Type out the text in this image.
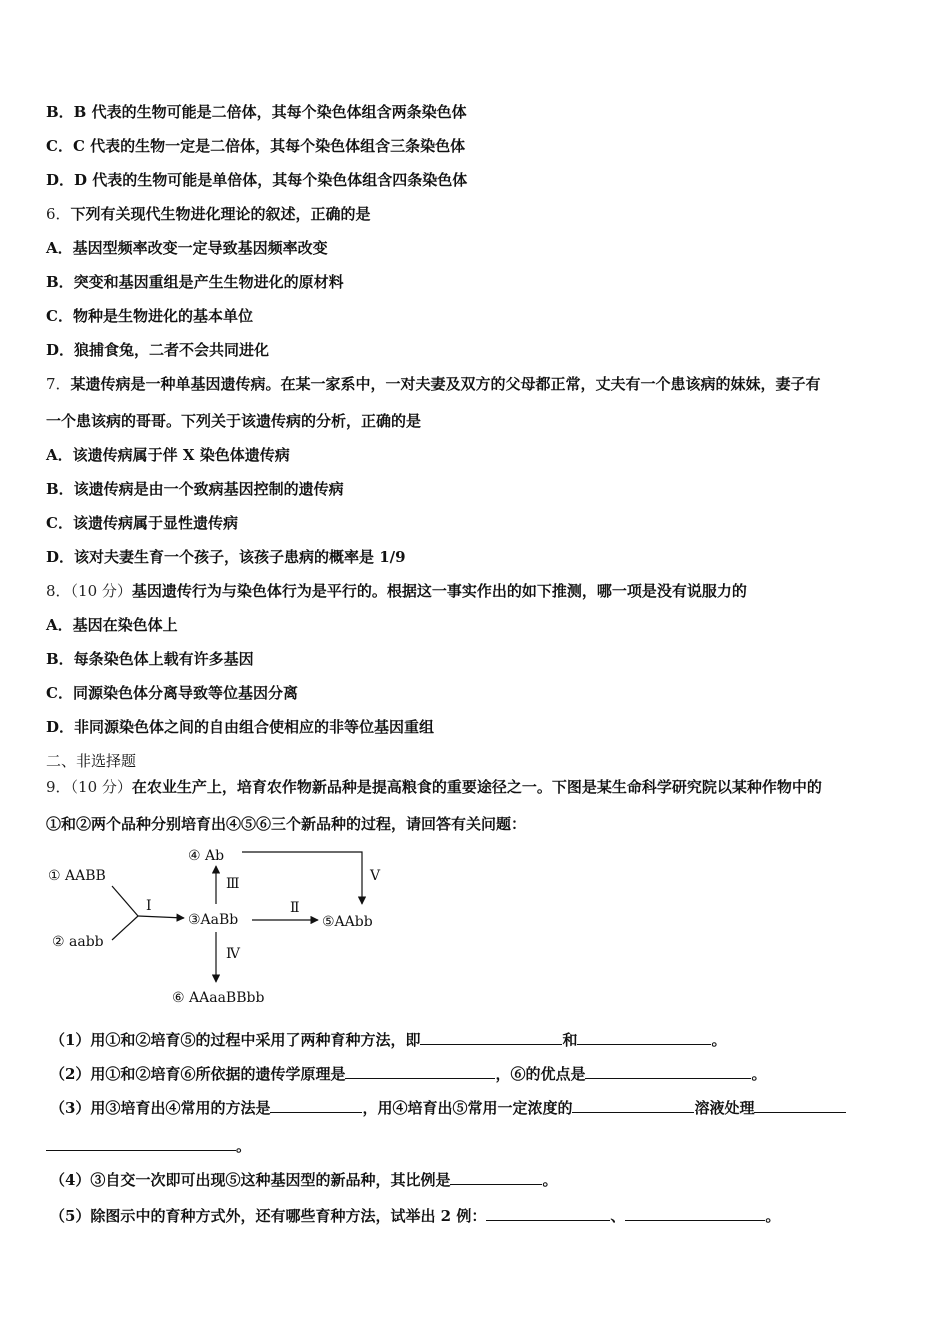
B．B 代表的生物可能是二倍体，其每个染色体组含两条染色体
C．C 代表的生物一定是二倍体，其每个染色体组含三条染色体
D．D 代表的生物可能是单倍体，其每个染色体组含四条染色体
6．下列有关现代生物进化理论的叙述，正确的是
A．基因型频率改变一定导致基因频率改变
B．突变和基因重组是产生生物进化的原材料
C．物种是生物进化的基本单位
D．狼捕食兔，二者不会共同进化
7．某遗传病是一种单基因遗传病。在某一家系中，一对夫妻及双方的父母都正常，丈夫有一个患该病的妹妹，妻子有
一个患该病的哥哥。下列关于该遗传病的分析，正确的是
A．该遗传病属于伴 X 染色体遗传病
B．该遗传病是由一个致病基因控制的遗传病
C．该遗传病属于显性遗传病
D．该对夫妻生育一个孩子，该孩子患病的概率是 1/9
8．（10 分）基因遗传行为与染色体行为是平行的。根据这一事实作出的如下推测，哪一项是没有说服力的
A．基因在染色体上
B．每条染色体上载有许多基因
C．同源染色体分离导致等位基因分离
D．非同源染色体之间的自由组合使相应的非等位基因重组
二、非选择题
9．（10 分）在农业生产上，培育农作物新品种是提高粮食的重要途径之一。下图是某生命科学研究院以某种作物中的
①和②两个品种分别培育出④⑤⑥三个新品种的过程，请回答有关问题：
① AABB
② aabb
④ Ab
③AaBb	⑤AAbb
⑥ AAaaBBbb
Ⅰ
Ⅲ
Ⅱ
Ⅴ
Ⅳ
（1）用①和②培育⑤的过程中采用了两种育种方法，即	和	。
（2）用①和②培育⑥所依据的遗传学原理是	，⑥的优点是	。
（3）用③培育出④常用的方法是	，用④培育出⑤常用一定浓度的	溶液处理
。
（4）③自交一次即可出现⑤这种基因型的新品种，其比例是	。
（5）除图示中的育种方式外，还有哪些育种方法，试举出 2 例：	、	。
